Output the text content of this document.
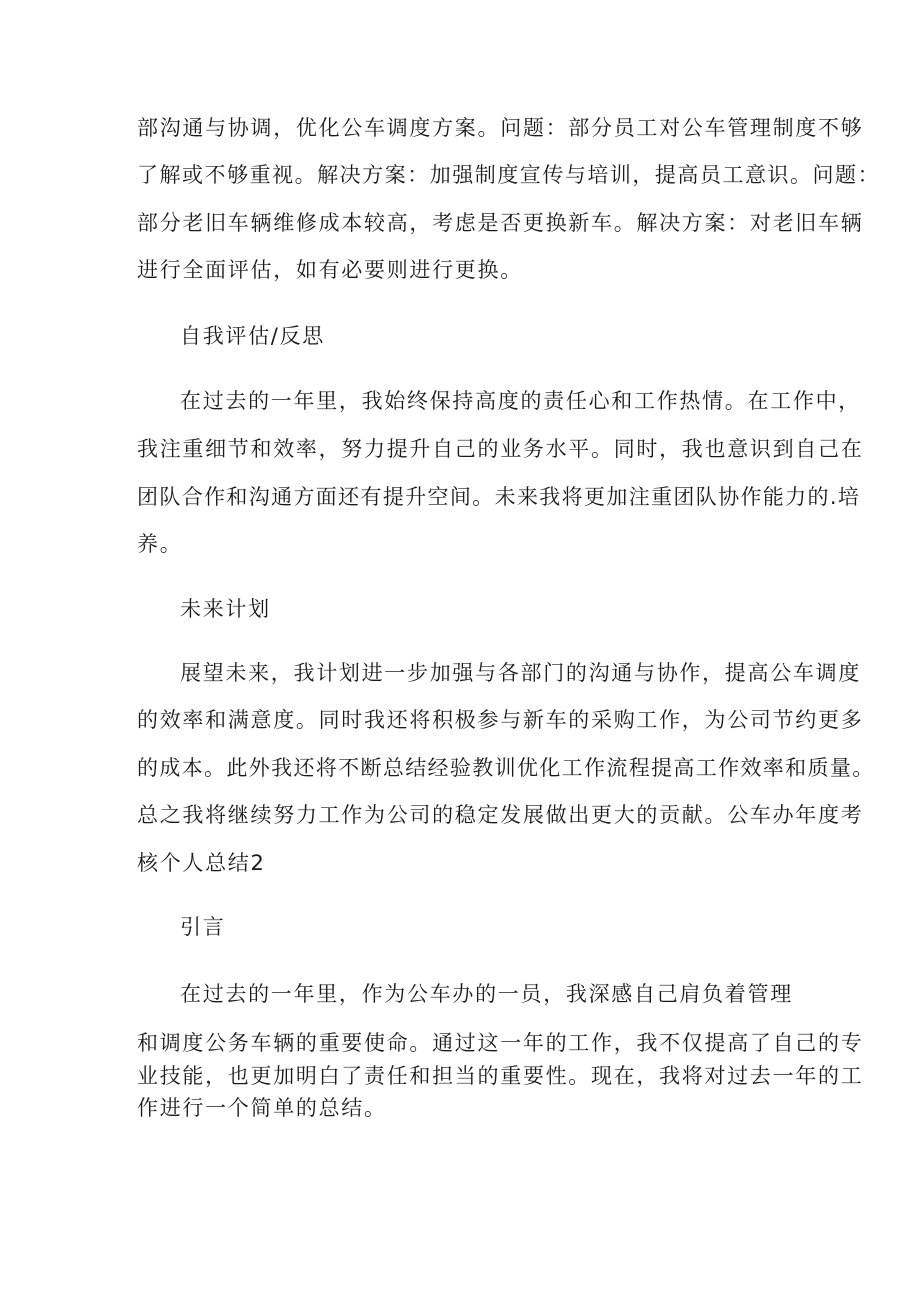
部沟通与协调，优化公车调度方案。问题：部分员工对公车管理制度不够
了解或不够重视。解决方案：加强制度宣传与培训，提高员工意识。问题：
部分老旧车辆维修成本较高，考虑是否更换新车。解决方案：对老旧车辆
进行全面评估，如有必要则进行更换。
自我评估/反思
在过去的一年里，我始终保持高度的责任心和工作热情。在工作中，
我注重细节和效率，努力提升自己的业务水平。同时，我也意识到自己在
团队合作和沟通方面还有提升空间。未来我将更加注重团队协作能力的.培
养。
未来计划
展望未来，我计划进一步加强与各部门的沟通与协作，提高公车调度
的效率和满意度。同时我还将积极参与新车的采购工作，为公司节约更多
的成本。此外我还将不断总结经验教训优化工作流程提高工作效率和质量。
总之我将继续努力工作为公司的稳定发展做出更大的贡献。公车办年度考
核个人总结2
引言
在过去的一年里，作为公车办的一员，我深感自己肩负着管理
和调度公务车辆的重要使命。通过这一年的工作，我不仅提高了自己的专
业技能，也更加明白了责任和担当的重要性。现在，我将对过去一年的工
作进行一个简单的总结。
